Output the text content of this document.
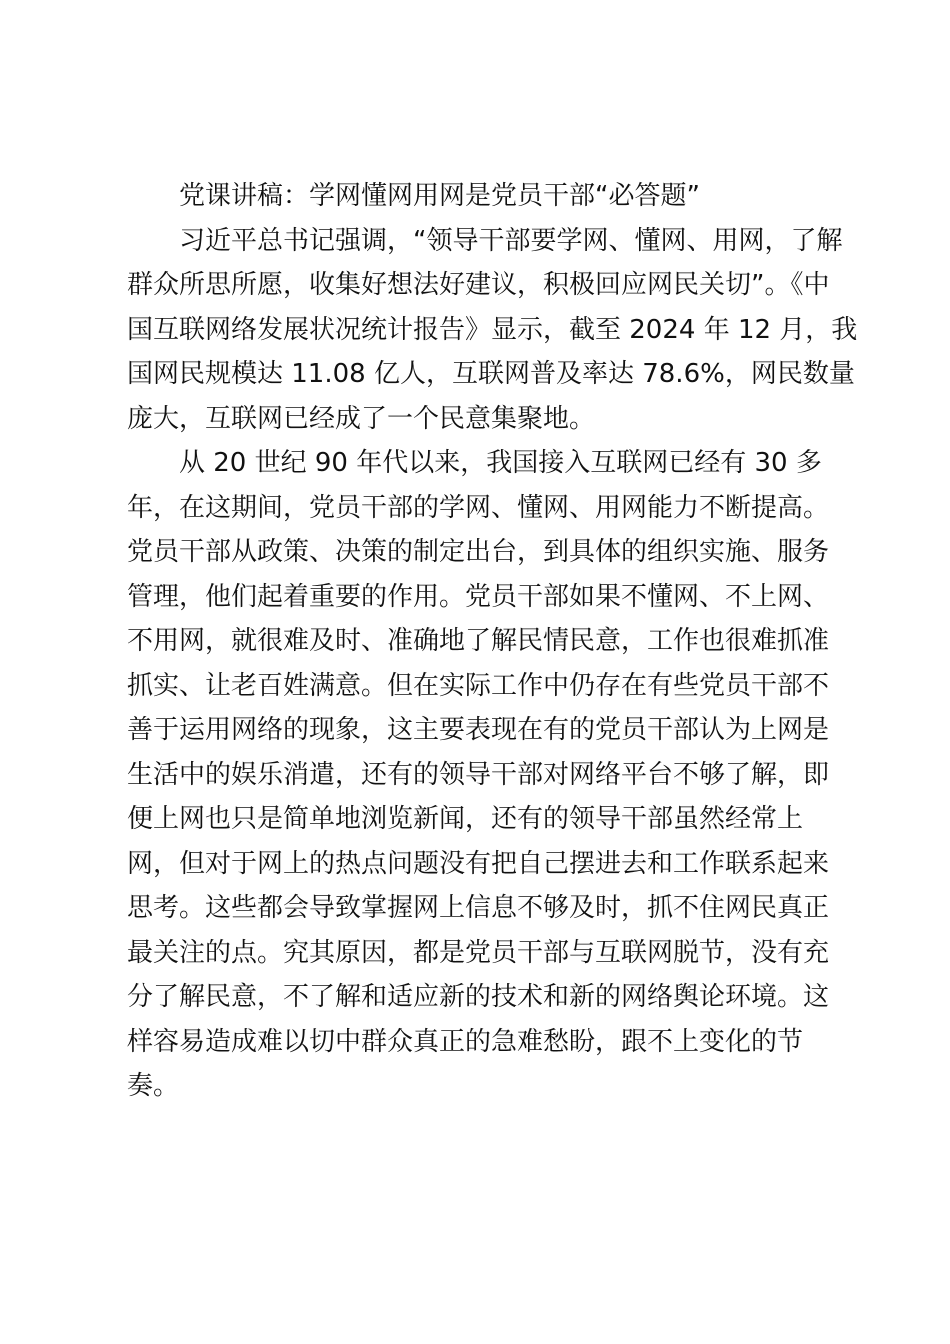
党课讲稿：学网懂网用网是党员干部“必答题”
习近平总书记强调，“领导干部要学网、懂网、用网，了解
群众所思所愿，收集好想法好建议，积极回应网民关切”。《中
国互联网络发展状况统计报告》显示，截至 2024 年 12 月，我
国网民规模达 11.08 亿人，互联网普及率达 78.6%，网民数量
庞大，互联网已经成了一个民意集聚地。
从 20 世纪 90 年代以来，我国接入互联网已经有 30 多
年，在这期间，党员干部的学网、懂网、用网能力不断提高。
党员干部从政策、决策的制定出台，到具体的组织实施、服务
管理，他们起着重要的作用。党员干部如果不懂网、不上网、
不用网，就很难及时、准确地了解民情民意，工作也很难抓准
抓实、让老百姓满意。但在实际工作中仍存在有些党员干部不
善于运用网络的现象，这主要表现在有的党员干部认为上网是
生活中的娱乐消遣，还有的领导干部对网络平台不够了解，即
便上网也只是简单地浏览新闻，还有的领导干部虽然经常上
网，但对于网上的热点问题没有把自己摆进去和工作联系起来
思考。这些都会导致掌握网上信息不够及时，抓不住网民真正
最关注的点。究其原因，都是党员干部与互联网脱节，没有充
分了解民意，不了解和适应新的技术和新的网络舆论环境。这
样容易造成难以切中群众真正的急难愁盼，跟不上变化的节
奏。
